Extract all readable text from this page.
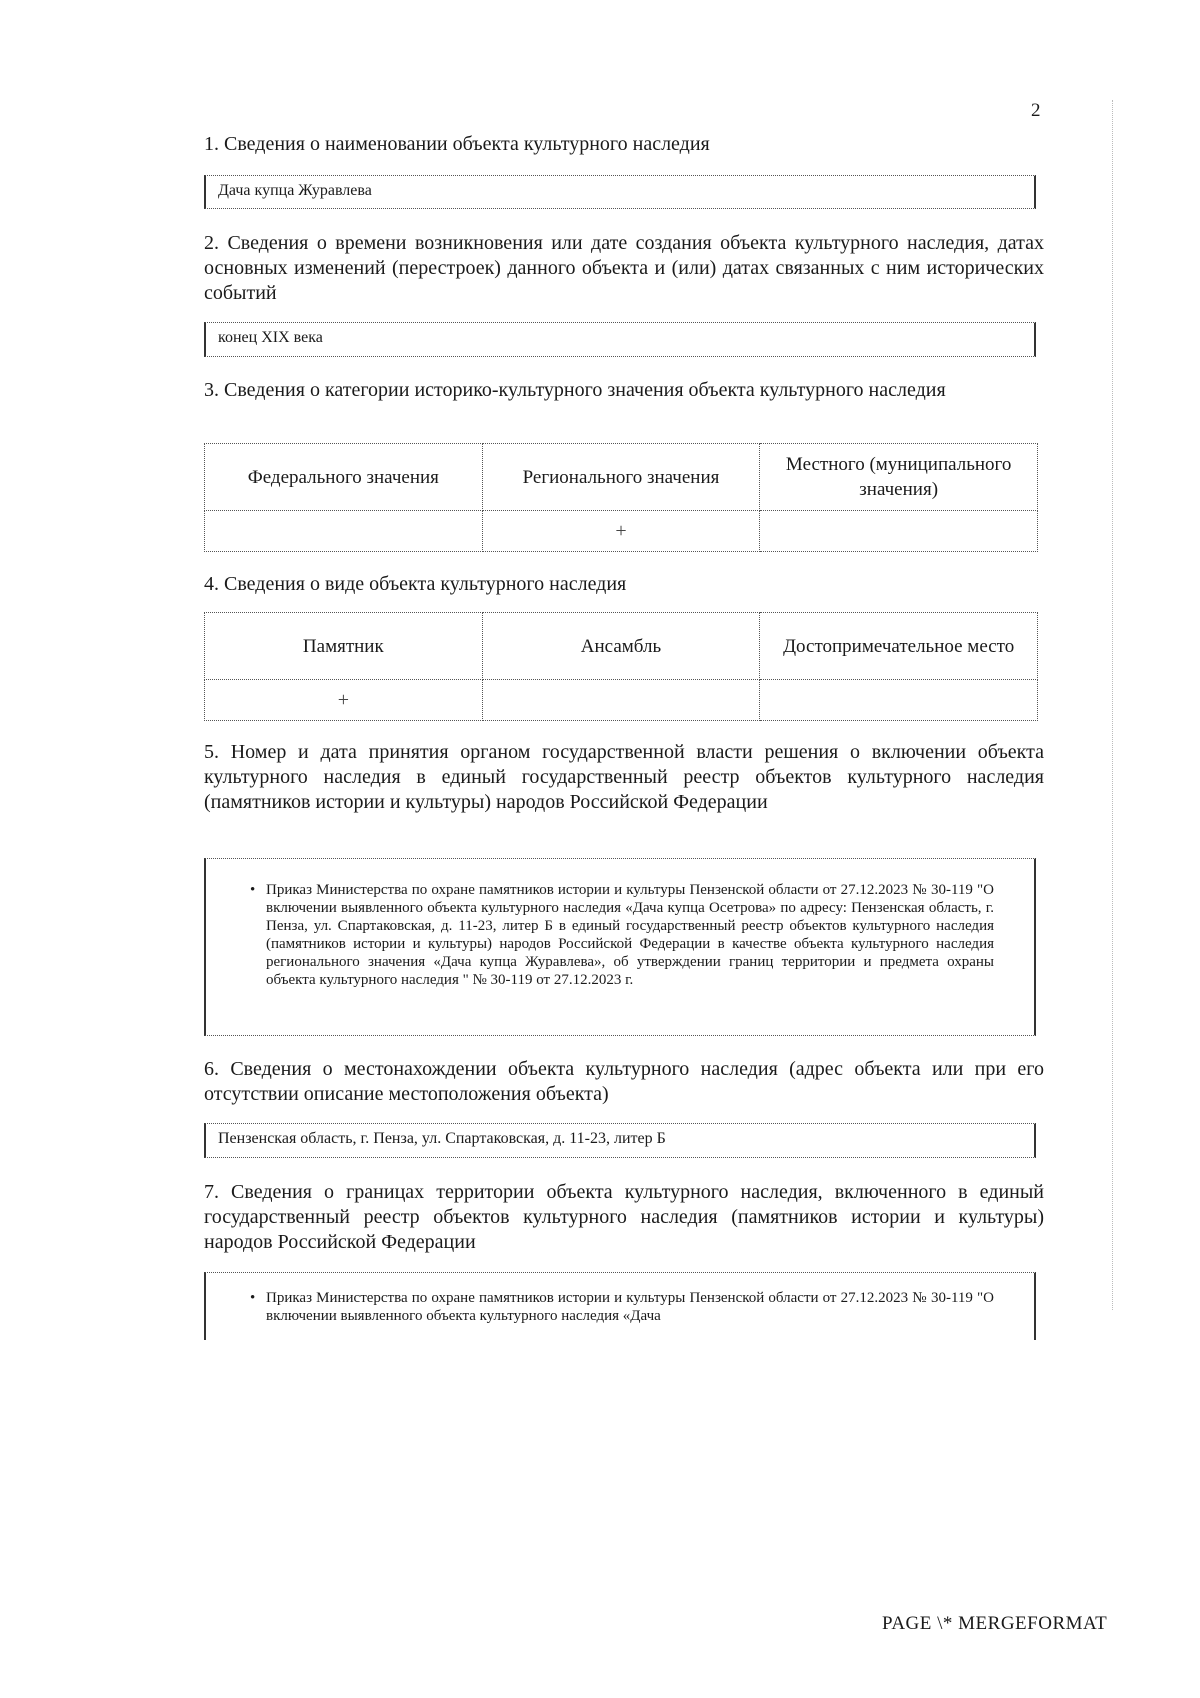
2
1. Сведения о наименовании объекта культурного наследия
Дача купца Журавлева
2. Сведения о времени возникновения или дате создания объекта культурного наследия, датах основных изменений (перестроек) данного объекта и (или) датах связанных с ним исторических событий
конец XIX века
3. Сведения о категории историко-культурного значения объекта культурного наследия
Федерального значения	Регионального значения	Местного (муниципального значения)
	+	
4. Сведения о виде объекта культурного наследия
Памятник	Ансамбль	Достопримечательное место
+		
5. Номер и дата принятия органом государственной власти решения о включении объекта культурного наследия в единый государственный реестр объектов культурного наследия (памятников истории и культуры) народов Российской Федерации
• Приказ Министерства по охране памятников истории и культуры Пензенской области от 27.12.2023 № 30-119 "О включении выявленного объекта культурного наследия «Дача купца Осетрова» по адресу: Пензенская область, г. Пенза, ул. Спартаковская, д. 11-23, литер Б в единый государственный реестр объектов культурного наследия (памятников истории и культуры) народов Российской Федерации в качестве объекта культурного наследия регионального значения «Дача купца Журавлева», об утверждении границ территории и предмета охраны объекта культурного наследия " № 30-119 от 27.12.2023 г.
6. Сведения о местонахождении объекта культурного наследия (адрес объекта или при его отсутствии описание местоположения объекта)
Пензенская область, г. Пенза, ул. Спартаковская, д. 11-23, литер Б
7. Сведения о границах территории объекта культурного наследия, включенного в единый государственный реестр объектов культурного наследия (памятников истории и культуры) народов Российской Федерации
• Приказ Министерства по охране памятников истории и культуры Пензенской области от 27.12.2023 № 30-119 "О включении выявленного объекта культурного наследия «Дача
PAGE \* MERGEFORMAT
